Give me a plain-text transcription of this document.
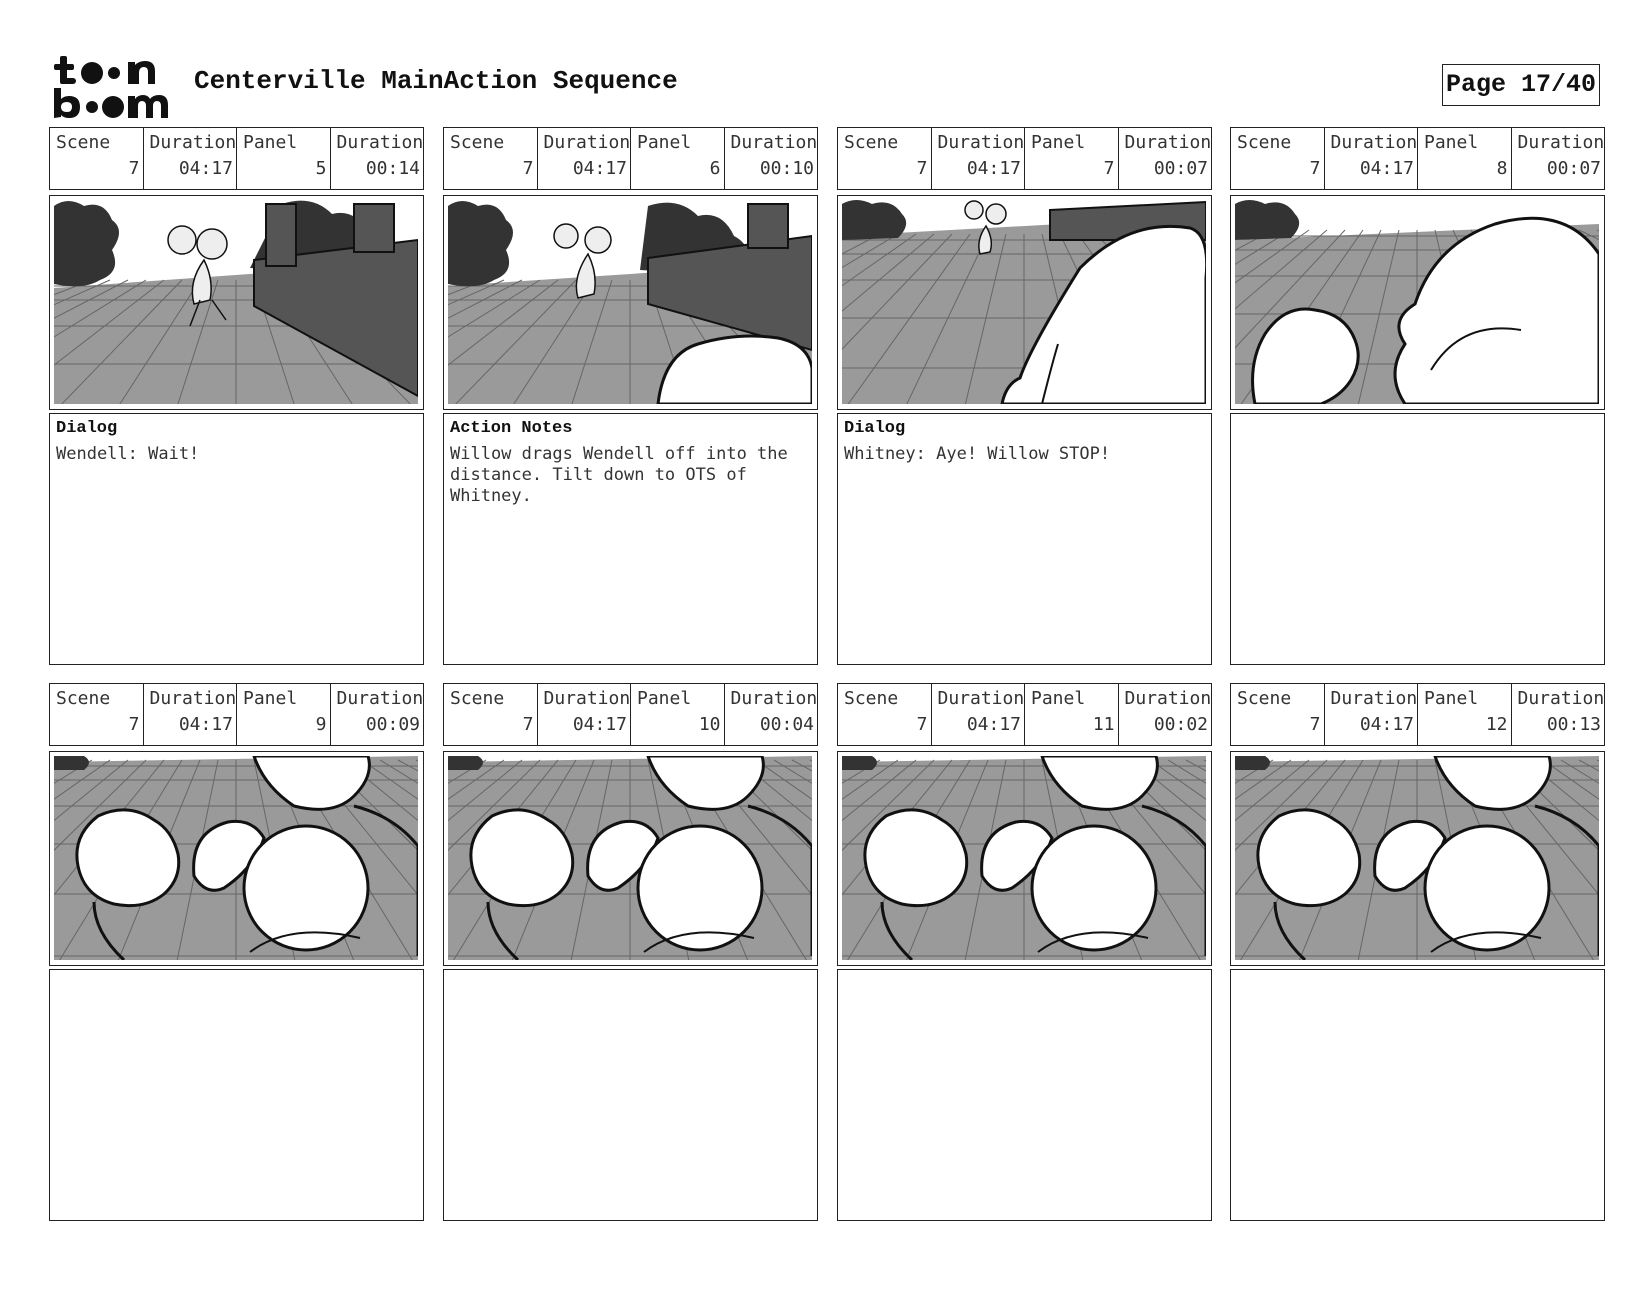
Centerville MainAction Sequence	Page 17/40
Scene
7
Duration
04:17
Panel
5
Duration
00:14
Dialog
Wendell: Wait!
Scene
7
Duration
04:17
Panel
6
Duration
00:10
Action Notes
Willow drags Wendell off into the distance. Tilt down to OTS of Whitney.
Scene
7
Duration
04:17
Panel
7
Duration
00:07
Dialog
Whitney: Aye! Willow STOP!
Scene
7
Duration
04:17
Panel
8
Duration
00:07
Scene
7
Duration
04:17
Panel
9
Duration
00:09
Scene
7
Duration
04:17
Panel
10
Duration
00:04
Scene
7
Duration
04:17
Panel
11
Duration
00:02
Scene
7
Duration
04:17
Panel
12
Duration
00:13
